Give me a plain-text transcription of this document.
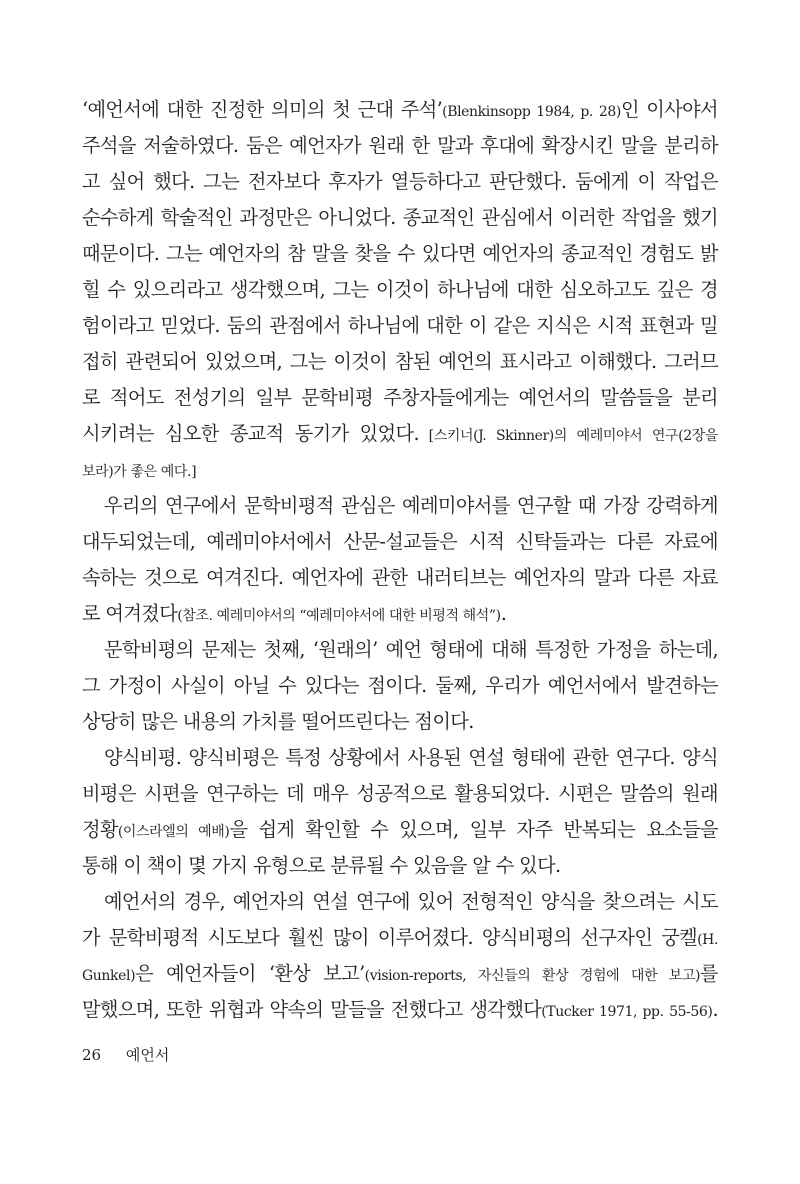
‘예언서에 대한 진정한 의미의 첫 근대 주석’(Blenkinsopp 1984, p. 28)인 이사야서
주석을 저술하였다. 둠은 예언자가 원래 한 말과 후대에 확장시킨 말을 분리하
고 싶어 했다. 그는 전자보다 후자가 열등하다고 판단했다. 둠에게 이 작업은
순수하게 학술적인 과정만은 아니었다. 종교적인 관심에서 이러한 작업을 했기
때문이다. 그는 예언자의 참 말을 찾을 수 있다면 예언자의 종교적인 경험도 밝
힐 수 있으리라고 생각했으며, 그는 이것이 하나님에 대한 심오하고도 깊은 경
험이라고 믿었다. 둠의 관점에서 하나님에 대한 이 같은 지식은 시적 표현과 밀
접히 관련되어 있었으며, 그는 이것이 참된 예언의 표시라고 이해했다. 그러므
로 적어도 전성기의 일부 문학비평 주창자들에게는 예언서의 말씀들을 분리
시키려는 심오한 종교적 동기가 있었다. [스키너(J. Skinner)의 예레미야서 연구(2장을
보라)가 좋은 예다.]
우리의 연구에서 문학비평적 관심은 예레미야서를 연구할 때 가장 강력하게
대두되었는데, 예레미야서에서 산문-설교들은 시적 신탁들과는 다른 자료에
속하는 것으로 여겨진다. 예언자에 관한 내러티브는 예언자의 말과 다른 자료
로 여겨졌다(참조. 예레미야서의 “예레미야서에 대한 비평적 해석”).
문학비평의 문제는 첫째, ‘원래의’ 예언 형태에 대해 특정한 가정을 하는데,
그 가정이 사실이 아닐 수 있다는 점이다. 둘째, 우리가 예언서에서 발견하는
상당히 많은 내용의 가치를 떨어뜨린다는 점이다.
양식비평. 양식비평은 특정 상황에서 사용된 연설 형태에 관한 연구다. 양식
비평은 시편을 연구하는 데 매우 성공적으로 활용되었다. 시편은 말씀의 원래
정황(이스라엘의 예배)을 쉽게 확인할 수 있으며, 일부 자주 반복되는 요소들을
통해 이 책이 몇 가지 유형으로 분류될 수 있음을 알 수 있다.
예언서의 경우, 예언자의 연설 연구에 있어 전형적인 양식을 찾으려는 시도
가 문학비평적 시도보다 훨씬 많이 이루어졌다. 양식비평의 선구자인 궁켈(H.
Gunkel)은 예언자들이 ‘환상 보고’(vision-reports, 자신들의 환상 경험에 대한 보고)를
말했으며, 또한 위협과 약속의 말들을 전했다고 생각했다(Tucker 1971, pp. 55-56).
26 예언서
